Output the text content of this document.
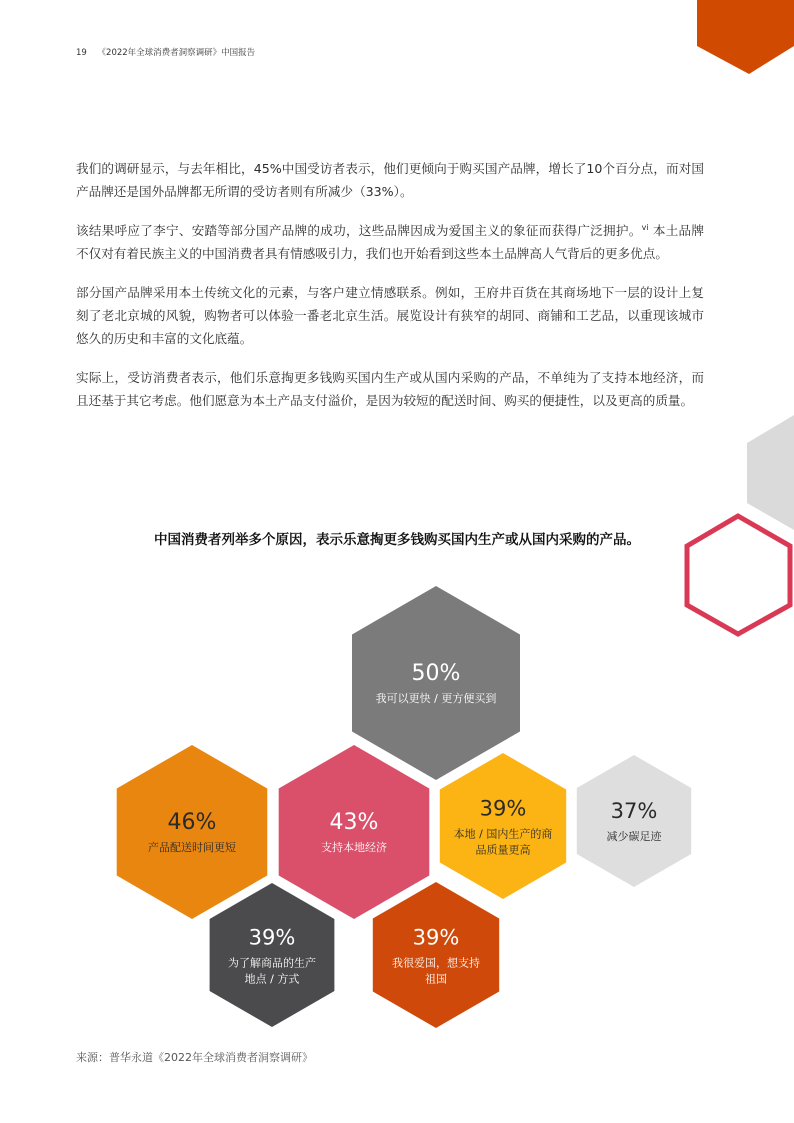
19 《2022年全球消费者洞察调研》中国报告

我们的调研显示，与去年相比，45%中国受访者表示，他们更倾向于购买国产品牌，增长了10个百分点，而对国产品牌还是国外品牌都无所谓的受访者则有所减少（33%）。

该结果呼应了李宁、安踏等部分国产品牌的成功，这些品牌因成为爱国主义的象征而获得广泛拥护。$^{vi}$ 本土品牌不仅对有着民族主义的中国消费者具有情感吸引力，我们也开始看到这些本土品牌高人气背后的更多优点。

部分国产品牌采用本土传统文化的元素，与客户建立情感联系。例如，王府井百货在其商场地下一层的设计上复刻了老北京城的风貌，购物者可以体验一番老北京生活。展览设计有狭窄的胡同、商铺和工艺品，以重现该城市悠久的历史和丰富的文化底蕴。

实际上，受访消费者表示，他们乐意掏更多钱购买国内生产或从国内采购的产品，不单纯为了支持本地经济，而且还基于其它考虑。他们愿意为本土产品支付溢价，是因为较短的配送时间、购买的便捷性，以及更高的质量。

中国消费者列举多个原因，表示乐意掏更多钱购买国内生产或从国内采购的产品。
50%
我可以更快 / 更方便买到
46%
产品配送时间更短
43%
支持本地经济
39%
本地 / 国内生产的商
品质量更高
37%
减少碳足迹
39%
为了解商品的生产
地点 / 方式
39%
我很爱国，想支持
祖国
来源：普华永道《2022年全球消费者洞察调研》
